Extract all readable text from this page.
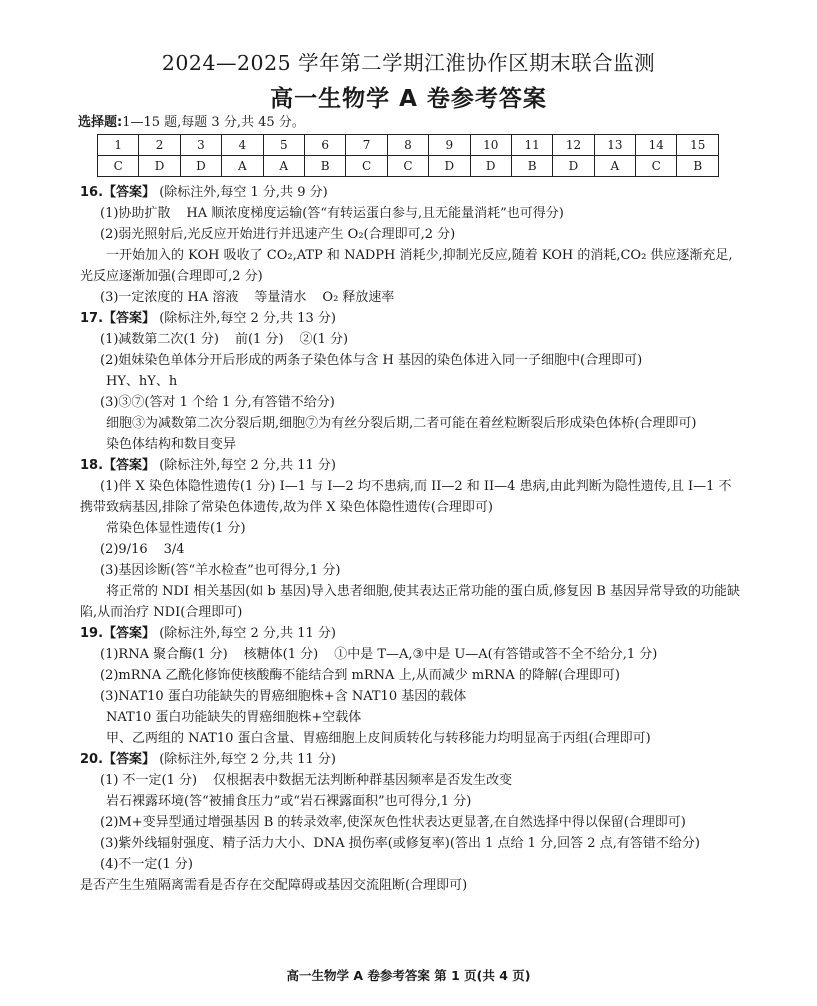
2024—2025 学年第二学期江淮协作区期末联合监测
高一生物学 A 卷参考答案
选择题:1—15 题,每题 3 分,共 45 分。
1	2	3	4	5	6	7	8	9	10	11	12	13	14	15
C	D	D	A	A	B	C	C	D	D	B	D	A	C	B
16.【答案】 (除标注外,每空 1 分,共 9 分)
(1)协助扩散 HA 顺浓度梯度运输(答“有转运蛋白参与,且无能量消耗”也可得分)
(2)弱光照射后,光反应开始进行并迅速产生 O₂(合理即可,2 分)
一开始加入的 KOH 吸收了 CO₂,ATP 和 NADPH 消耗少,抑制光反应,随着 KOH 的消耗,CO₂ 供应逐渐充足,光反应逐渐加强(合理即可,2 分)
(3)一定浓度的 HA 溶液 等量清水 O₂ 释放速率
17.【答案】 (除标注外,每空 2 分,共 13 分)
(1)减数第二次(1 分) 前(1 分) ②(1 分)
(2)姐妹染色单体分开后形成的两条子染色体与含 H 基因的染色体进入同一子细胞中(合理即可)
HY、hY、h
(3)③⑦(答对 1 个给 1 分,有答错不给分)
细胞③为减数第二次分裂后期,细胞⑦为有丝分裂后期,二者可能在着丝粒断裂后形成染色体桥(合理即可)
染色体结构和数目变异
18.【答案】 (除标注外,每空 2 分,共 11 分)
(1)伴 X 染色体隐性遗传(1 分) I—1 与 I—2 均不患病,而 II—2 和 II—4 患病,由此判断为隐性遗传,且 I—1 不携带致病基因,排除了常染色体遗传,故为伴 X 染色体隐性遗传(合理即可)
常染色体显性遗传(1 分)
(2)9/16 3/4
(3)基因诊断(答“羊水检查”也可得分,1 分)
将正常的 NDI 相关基因(如 b 基因)导入患者细胞,使其表达正常功能的蛋白质,修复因 B 基因异常导致的功能缺陷,从而治疗 NDI(合理即可)
19.【答案】 (除标注外,每空 2 分,共 11 分)
(1)RNA 聚合酶(1 分) 核糖体(1 分) ①中是 T—A,③中是 U—A(有答错或答不全不给分,1 分)
(2)mRNA 乙酰化修饰使核酸酶不能结合到 mRNA 上,从而减少 mRNA 的降解(合理即可)
(3)NAT10 蛋白功能缺失的胃癌细胞株+含 NAT10 基因的载体
NAT10 蛋白功能缺失的胃癌细胞株+空载体
甲、乙两组的 NAT10 蛋白含量、胃癌细胞上皮间质转化与转移能力均明显高于丙组(合理即可)
20.【答案】 (除标注外,每空 2 分,共 11 分)
(1) 不一定(1 分) 仅根据表中数据无法判断种群基因频率是否发生改变
岩石裸露环境(答“被捕食压力”或“岩石裸露面积”也可得分,1 分)
(2)M+变异型通过增强基因 B 的转录效率,使深灰色性状表达更显著,在自然选择中得以保留(合理即可)
(3)紫外线辐射强度、精子活力大小、DNA 损伤率(或修复率)(答出 1 点给 1 分,回答 2 点,有答错不给分)
(4)不一定(1 分)
是否产生生殖隔离需看是否存在交配障碍或基因交流阻断(合理即可)
高一生物学 A 卷参考答案 第 1 页(共 4 页)
